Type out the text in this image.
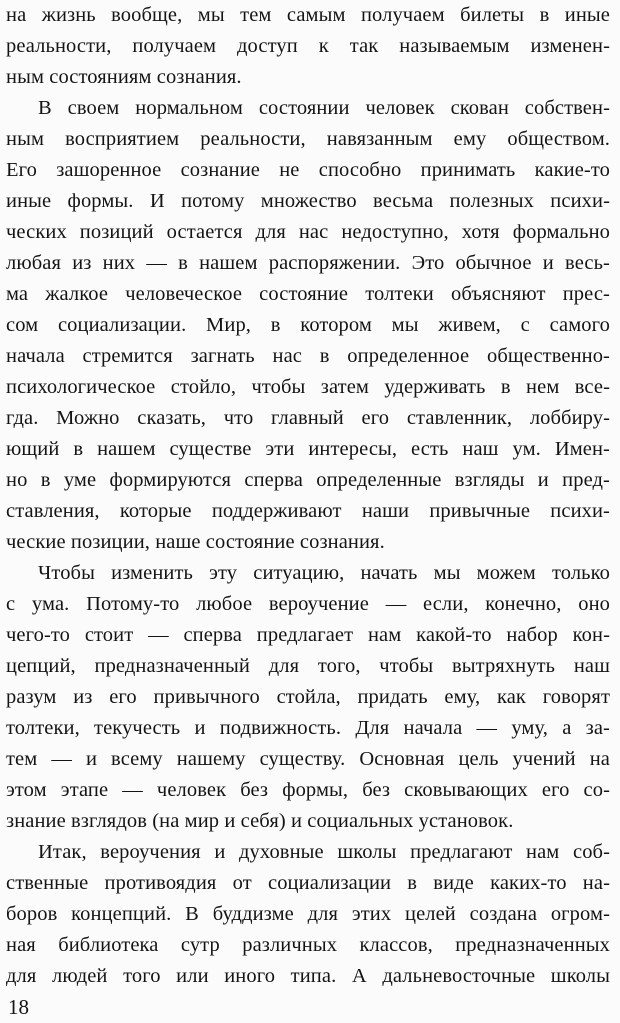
на жизнь вообще, мы тем самым получаем билеты в иные
реальности, получаем доступ к так называемым изменен-
ным состояниям сознания.
В своем нормальном состоянии человек скован собствен-
ным восприятием реальности, навязанным ему обществом.
Его зашоренное сознание не способно принимать какие-то
иные формы. И потому множество весьма полезных психи-
ческих позиций остается для нас недоступно, хотя формально
любая из них — в нашем распоряжении. Это обычное и весь-
ма жалкое человеческое состояние толтеки объясняют прес-
сом социализации. Мир, в котором мы живем, с самого
начала стремится загнать нас в определенное общественно-
психологическое стойло, чтобы затем удерживать в нем все-
гда. Можно сказать, что главный его ставленник, лоббиру-
ющий в нашем существе эти интересы, есть наш ум. Имен-
но в уме формируются сперва определенные взгляды и пред-
ставления, которые поддерживают наши привычные психи-
ческие позиции, наше состояние сознания.
Чтобы изменить эту ситуацию, начать мы можем только
с ума. Потому-то любое вероучение — если, конечно, оно
чего-то стоит — сперва предлагает нам какой-то набор кон-
цепций, предназначенный для того, чтобы вытряхнуть наш
разум из его привычного стойла, придать ему, как говорят
толтеки, текучесть и подвижность. Для начала — уму, а за-
тем — и всему нашему существу. Основная цель учений на
этом этапе — человек без формы, без сковывающих его со-
знание взглядов (на мир и себя) и социальных установок.
Итак, вероучения и духовные школы предлагают нам соб-
ственные противоядия от социализации в виде каких-то на-
боров концепций. В буддизме для этих целей создана огром-
ная библиотека сутр различных классов, предназначенных
для людей того или иного типа. А дальневосточные школы
18
